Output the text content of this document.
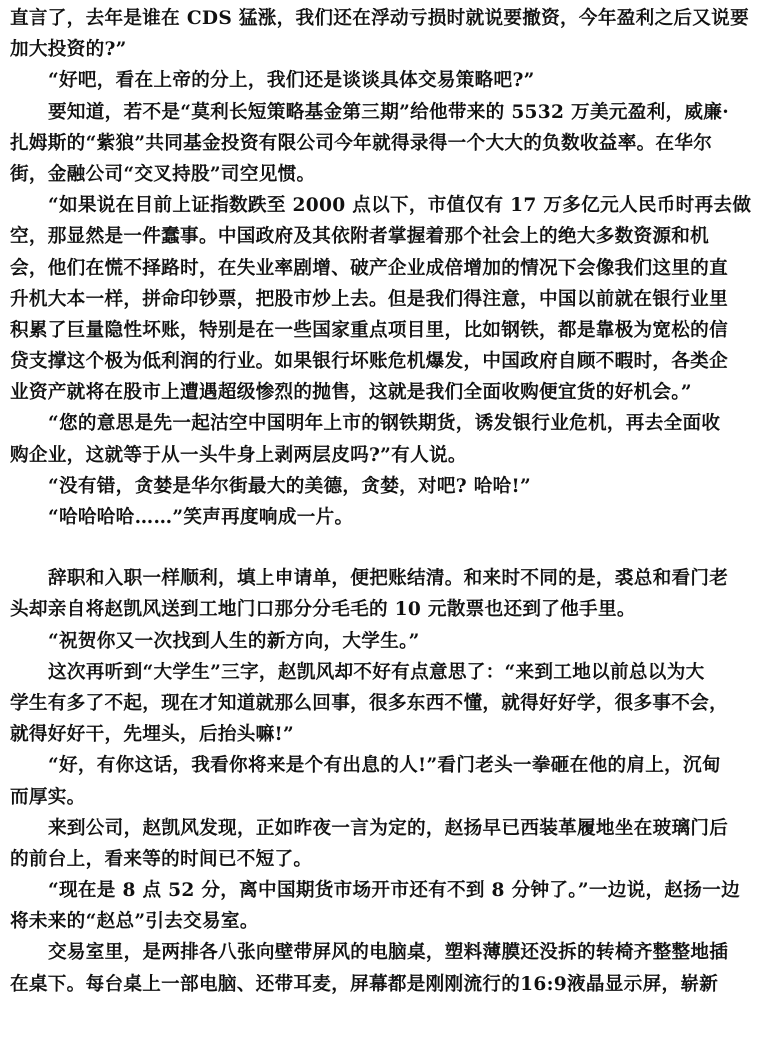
直言了，去年是谁在 CDS 猛涨，我们还在浮动亏损时就说要撤资，今年盈利之后又说要
加大投资的?”
“好吧，看在上帝的分上，我们还是谈谈具体交易策略吧?”
要知道，若不是“莫利长短策略基金第三期”给他带来的 5532 万美元盈利，威廉·
扎姆斯的“紫狼”共同基金投资有限公司今年就得录得一个大大的负数收益率。在华尔
街，金融公司“交叉持股”司空见惯。
“如果说在目前上证指数跌至 2000 点以下，市值仅有 17 万多亿元人民币时再去做
空，那显然是一件蠢事。中国政府及其依附者掌握着那个社会上的绝大多数资源和机
会，他们在慌不择路时，在失业率剧增、破产企业成倍增加的情况下会像我们这里的直
升机大本一样，拼命印钞票，把股市炒上去。但是我们得注意，中国以前就在银行业里
积累了巨量隐性坏账，特别是在一些国家重点项目里，比如钢铁，都是靠极为宽松的信
贷支撑这个极为低利润的行业。如果银行坏账危机爆发，中国政府自顾不暇时，各类企
业资产就将在股市上遭遇超级惨烈的抛售，这就是我们全面收购便宜货的好机会。”
“您的意思是先一起沽空中国明年上市的钢铁期货，诱发银行业危机，再去全面收
购企业，这就等于从一头牛身上剥两层皮吗?”有人说。
“没有错，贪婪是华尔街最大的美德，贪婪，对吧? 哈哈!”
“哈哈哈哈……”笑声再度响成一片。
辞职和入职一样顺利，填上申请单，便把账结清。和来时不同的是，裘总和看门老
头却亲自将赵凯风送到工地门口那分分毛毛的 10 元散票也还到了他手里。
“祝贺你又一次找到人生的新方向，大学生。”
这次再听到“大学生”三字，赵凯风却不好有点意思了：“来到工地以前总以为大
学生有多了不起，现在才知道就那么回事，很多东西不懂，就得好好学，很多事不会，
就得好好干，先埋头，后抬头嘛!”
“好，有你这话，我看你将来是个有出息的人!”看门老头一拳砸在他的肩上，沉甸
而厚实。
来到公司，赵凯风发现，正如昨夜一言为定的，赵扬早已西装革履地坐在玻璃门后
的前台上，看来等的时间已不短了。
“现在是 8 点 52 分，离中国期货市场开市还有不到 8 分钟了。”一边说，赵扬一边
将未来的“赵总”引去交易室。
交易室里，是两排各八张向壁带屏风的电脑桌，塑料薄膜还没拆的转椅齐整整地插
在桌下。每台桌上一部电脑、还带耳麦，屏幕都是刚刚流行的16:9液晶显示屏，崭新
